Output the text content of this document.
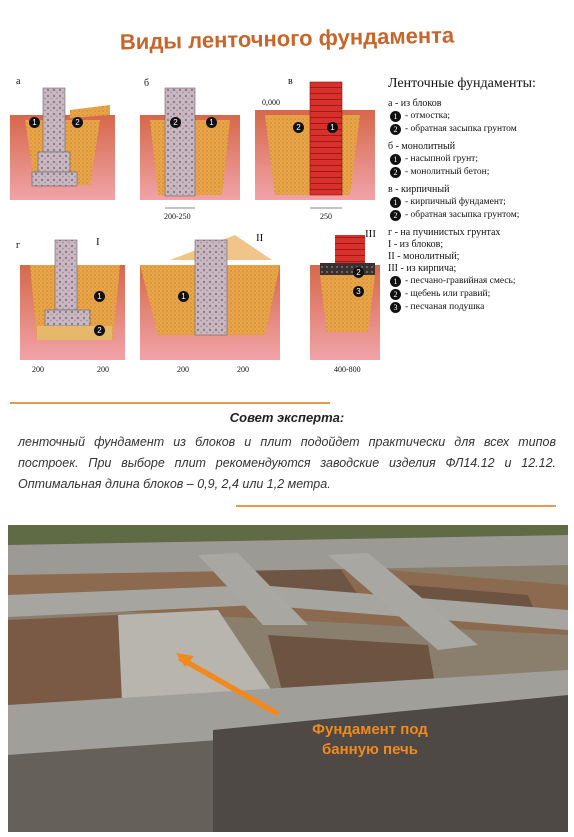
Виды ленточного фундамента
а	б	в
г	I	II	III
0,000
1	2	2	1
2	1
1
2
1
2
3
200-250	250
200	200	200	200	400-800
Ленточные фундаменты:
а - из блоков
1 - отмостка;
2 - обратная засыпка грунтом
б - монолитный
1 - насыпной грунт;
2 - монолитный бетон;
в - кирпичный
1 - кирпичный фундамент;
2 - обратная засыпка грунтом;
г - на пучинистых грунтах
I - из блоков;
II - монолитный;
III - из кирпича;
1 - песчано-гравийная смесь;
2 - щебень или гравий;
3 - песчаная подушка
Совет эксперта:
ленточный фундамент из блоков и плит подойдет практически для всех типов построек. При выборе плит рекомендуются заводские изделия ФЛ14.12 и 12.12. Оптимальная длина блоков – 0,9, 2,4 или 1,2 метра.
Фундамент под
банную печь
